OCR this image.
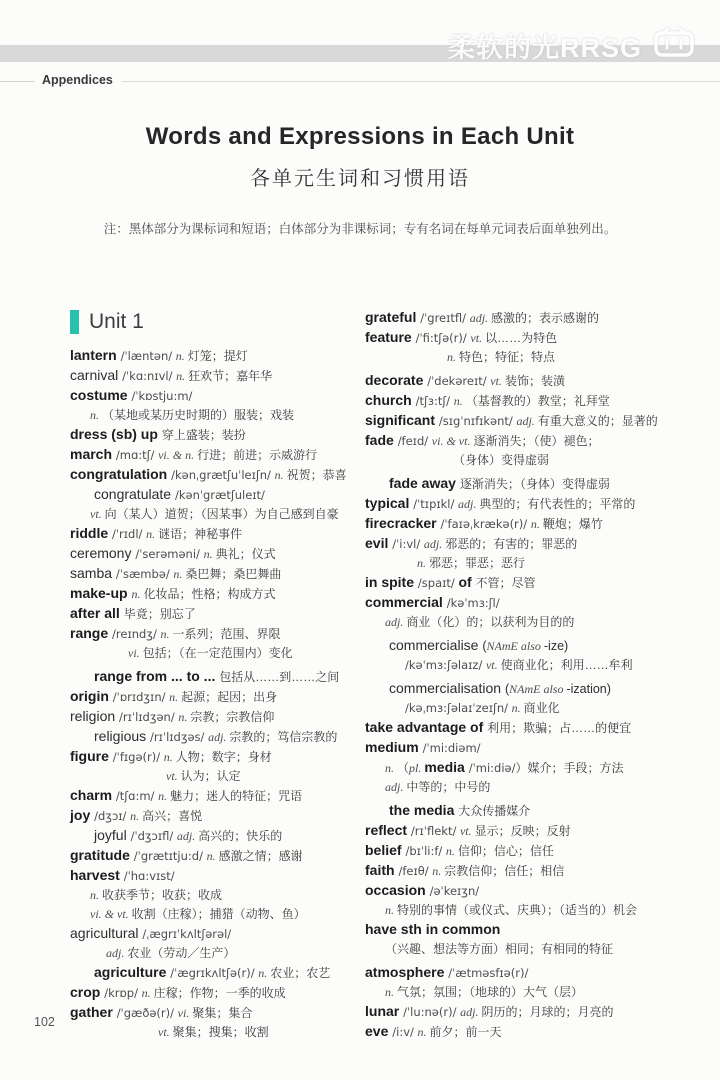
柔软的光RRSG
Appendices
Words and Expressions in Each Unit
各单元生词和习惯用语
注：黑体部分为课标词和短语；白体部分为非课标词；专有名词在每单元词表后面单独列出。
Unit 1
lantern /ˈlæntən/ n. 灯笼；提灯
carnival /ˈkɑ:nɪvl/ n. 狂欢节；嘉年华
costume /ˈkɒstju:m/
n. （某地或某历史时期的）服装；戏装
dress (sb) up 穿上盛装；装扮
march /mɑ:tʃ/ vi. & n. 行进；前进；示威游行
congratulation /kənˌgrætʃuˈleɪʃn/ n. 祝贺；恭喜
congratulate /kənˈgrætʃuleɪt/
vt. 向（某人）道贺；（因某事）为自己感到自豪
riddle /ˈrɪdl/ n. 谜语；神秘事件
ceremony /ˈserəməni/ n. 典礼；仪式
samba /ˈsæmbə/ n. 桑巴舞；桑巴舞曲
make-up n. 化妆品；性格；构成方式
after all 毕竟；别忘了
range /reɪndʒ/ n. 一系列；范围、界限
vi. 包括；（在一定范围内）变化
range from ... to ... 包括从……到……之间
origin /ˈɒrɪdʒɪn/ n. 起源；起因；出身
religion /rɪˈlɪdʒən/ n. 宗教；宗教信仰
religious /rɪˈlɪdʒəs/ adj. 宗教的；笃信宗教的
figure /ˈfɪgə(r)/ n. 人物；数字；身材
vt. 认为；认定
charm /tʃɑ:m/ n. 魅力；迷人的特征；咒语
joy /dʒɔɪ/ n. 高兴；喜悦
joyful /ˈdʒɔɪfl/ adj. 高兴的；快乐的
gratitude /ˈgrætɪtju:d/ n. 感激之情；感谢
harvest /ˈhɑ:vɪst/
n. 收获季节；收获；收成
vi. & vt. 收割（庄稼）；捕猎（动物、鱼）
agricultural /ˌægrɪˈkʌltʃərəl/
adj. 农业（劳动／生产）
agriculture /ˈægrɪkʌltʃə(r)/ n. 农业；农艺
crop /krɒp/ n. 庄稼；作物；一季的收成
gather /ˈgæðə(r)/ vi. 聚集；集合
vt. 聚集；搜集；收割
grateful /ˈgreɪtfl/ adj. 感激的；表示感谢的
feature /ˈfi:tʃə(r)/ vt. 以……为特色
n. 特色；特征；特点
decorate /ˈdekəreɪt/ vt. 装饰；装潢
church /tʃɜ:tʃ/ n. （基督教的）教堂；礼拜堂
significant /sɪgˈnɪfɪkənt/ adj. 有重大意义的；显著的
fade /feɪd/ vi. & vt. 逐渐消失；（使）褪色；
（身体）变得虚弱
fade away 逐渐消失；（身体）变得虚弱
typical /ˈtɪpɪkl/ adj. 典型的；有代表性的；平常的
firecracker /ˈfaɪəˌkrækə(r)/ n. 鞭炮；爆竹
evil /ˈi:vl/ adj. 邪恶的；有害的；罪恶的
n. 邪恶；罪恶；恶行
in spite /spaɪt/ of 不管；尽管
commercial /kəˈmɜ:ʃl/
adj. 商业（化）的；以获利为目的的
commercialise (NAmE also -ize)
/kəˈmɜ:ʃəlaɪz/ vt. 使商业化；利用……牟利
commercialisation (NAmE also -ization)
/kəˌmɜ:ʃəlaɪˈzeɪʃn/ n. 商业化
take advantage of 利用；欺骗；占……的便宜
medium /ˈmi:diəm/
n. （pl. media /ˈmi:diə/）媒介；手段；方法
adj. 中等的；中号的
the media 大众传播媒介
reflect /rɪˈflekt/ vt. 显示；反映；反射
belief /bɪˈli:f/ n. 信仰；信心；信任
faith /feɪθ/ n. 宗教信仰；信任；相信
occasion /əˈkeɪʒn/
n. 特别的事情（或仪式、庆典）；（适当的）机会
have sth in common
（兴趣、想法等方面）相同；有相同的特征
atmosphere /ˈætməsfɪə(r)/
n. 气氛；氛围；（地球的）大气（层）
lunar /ˈlu:nə(r)/ adj. 阴历的；月球的；月亮的
eve /i:v/ n. 前夕；前一天
102
